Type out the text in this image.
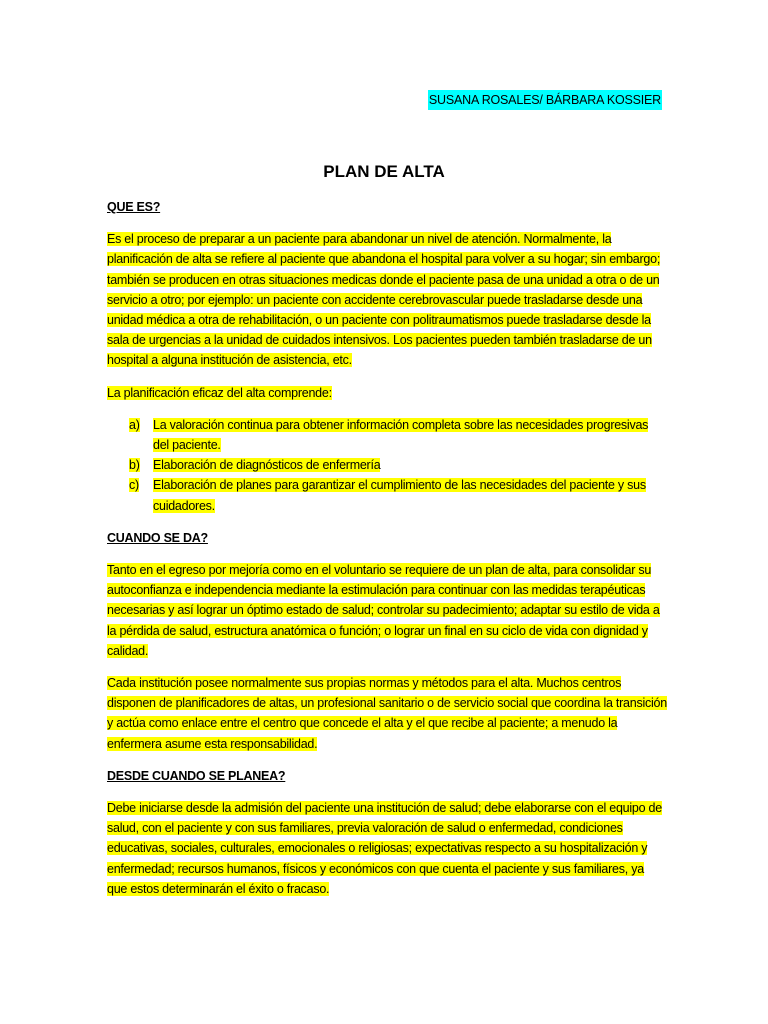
SUSANA ROSALES/ BÁRBARA KOSSIER
PLAN DE ALTA
QUE ES?
Es el proceso de preparar a un paciente para abandonar un nivel de atención. Normalmente, la planificación de alta se refiere al paciente que abandona el hospital para volver a su hogar; sin embargo; también se producen en otras situaciones medicas donde el paciente pasa de una unidad a otra o de un servicio a otro; por ejemplo: un paciente con accidente cerebrovascular puede trasladarse desde una unidad médica a otra de rehabilitación, o un paciente con politraumatismos puede trasladarse desde la sala de urgencias a la unidad de cuidados intensivos. Los pacientes pueden también trasladarse de un hospital a alguna institución de asistencia, etc.
La planificación eficaz del alta comprende:
a)	La valoración continua para obtener información completa sobre las necesidades progresivas del paciente.
b)	Elaboración de diagnósticos de enfermería
c)	Elaboración de planes para garantizar el cumplimiento de las necesidades del paciente y sus cuidadores.
CUANDO SE DA?
Tanto en el egreso por mejoría como en el voluntario se requiere de un plan de alta, para consolidar su autoconfianza e independencia mediante la estimulación para continuar con las medidas terapéuticas necesarias y así lograr un óptimo estado de salud; controlar su padecimiento; adaptar su estilo de vida a la pérdida de salud, estructura anatómica o función; o lograr un final en su ciclo de vida con dignidad y calidad.
Cada institución posee normalmente sus propias normas y métodos para el alta. Muchos centros disponen de planificadores de altas, un profesional sanitario o de servicio social que coordina la transición y actúa como enlace entre el centro que concede el alta y el que recibe al paciente; a menudo la enfermera asume esta responsabilidad.
DESDE CUANDO SE PLANEA?
Debe iniciarse desde la admisión del paciente una institución de salud; debe elaborarse con el equipo de salud, con el paciente y con sus familiares, previa valoración de salud o enfermedad, condiciones educativas, sociales, culturales, emocionales o religiosas; expectativas respecto a su hospitalización y enfermedad; recursos humanos, físicos y económicos con que cuenta el paciente y sus familiares, ya que estos determinarán el éxito o fracaso.
